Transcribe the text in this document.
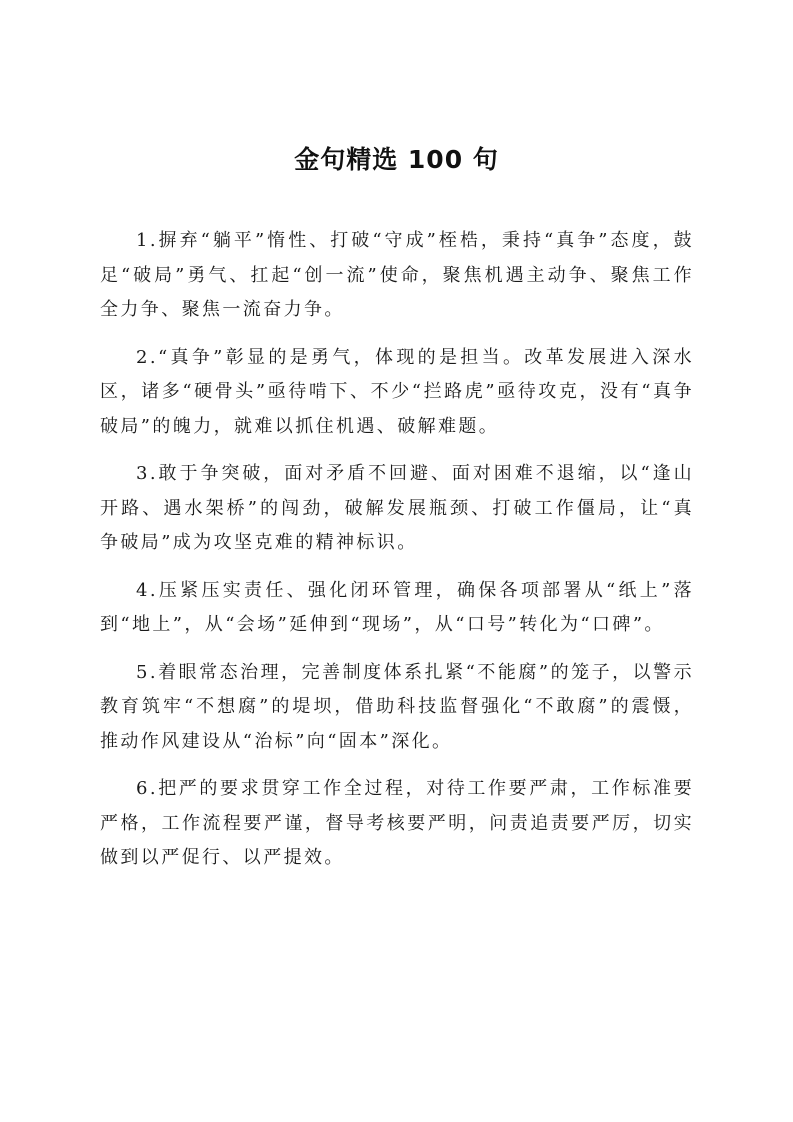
金句精选 100 句

1.摒弃“躺平”惰性、打破“守成”桎梏，秉持“真争”态度，鼓足“破局”勇气、扛起“创一流”使命，聚焦机遇主动争、聚焦工作全力争、聚焦一流奋力争。

2.“真争”彰显的是勇气，体现的是担当。改革发展进入深水区，诸多“硬骨头”亟待啃下、不少“拦路虎”亟待攻克，没有“真争破局”的魄力，就难以抓住机遇、破解难题。

3.敢于争突破，面对矛盾不回避、面对困难不退缩，以“逢山开路、遇水架桥”的闯劲，破解发展瓶颈、打破工作僵局，让“真争破局”成为攻坚克难的精神标识。

4.压紧压实责任、强化闭环管理，确保各项部署从“纸上”落到“地上”，从“会场”延伸到“现场”，从“口号”转化为“口碑”。

5.着眼常态治理，完善制度体系扎紧“不能腐”的笼子，以警示教育筑牢“不想腐”的堤坝，借助科技监督强化“不敢腐”的震慑，推动作风建设从“治标”向“固本”深化。

6.把严的要求贯穿工作全过程，对待工作要严肃，工作标准要严格，工作流程要严谨，督导考核要严明，问责追责要严厉，切实做到以严促行、以严提效。
